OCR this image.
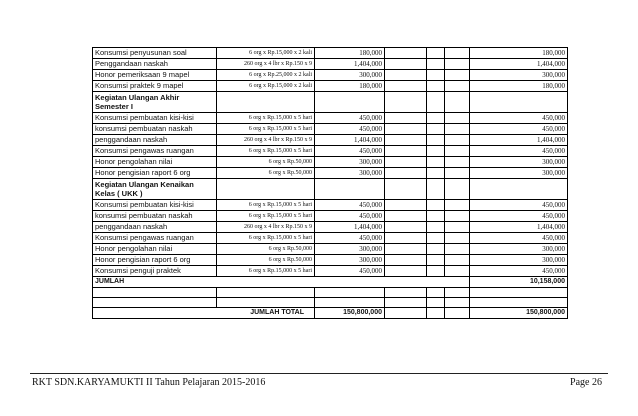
Konsumsi penyusunan soal	6 org x Rp.15,000 x 2 kali	180,000				180,000
Penggandaan naskah	260 org x 4 lbr x Rp.150 x 9	1,404,000				1,404,000
Honor pemeriksaan 9 mapel	6 org x Rp.25,000 x 2 kali	300,000				300,000
Konsumsi praktek 9 mapel	6 org x Rp.15,000 x 2 kali	180,000				180,000
Kegiatan Ulangan Akhir Semester I						
Konsumsi pembuatan kisi-kisi	6 org x Rp.15,000 x 5 hari	450,000				450,000
konsumsi pembuatan naskah	6 org x Rp.15,000 x 5 hari	450,000				450,000
penggandaan naskah	260 org x 4 lbr x Rp.150 x 9	1,404,000				1,404,000
Konsumsi pengawas ruangan	6 org x Rp.15,000 x 5 hari	450,000				450,000
Honor pengolahan nilai	6 org x Rp.50,000	300,000				300,000
Honor pengisian raport 6 org	6 org x Rp.50,000	300,000				300,000
Kegiatan Ulangan Kenaikan Kelas ( UKK )						
Konsumsi pembuatan kisi-kisi	6 org x Rp.15,000 x 5 hari	450,000				450,000
konsumsi pembuatan naskah	6 org x Rp.15,000 x 5 hari	450,000				450,000
penggandaan naskah	260 org x 4 lbr x Rp.150 x 9	1,404,000				1,404,000
Konsumsi pengawas ruangan	6 org x Rp.15,000 x 5 hari	450,000				450,000
Honor pengolahan nilai	6 org x Rp.50,000	300,000				300,000
Honor pengisian raport 6 org	6 org x Rp.50,000	300,000				300,000
Konsumsi penguji praktek	6 org x Rp.15,000 x 5 hari	450,000				450,000
JUMLAH						10,158,000

JUMLAH TOTAL		150,800,000				150,800,000
RKT SDN.KARYAMUKTI II Tahun Pelajaran 2015-2016	Page 26
